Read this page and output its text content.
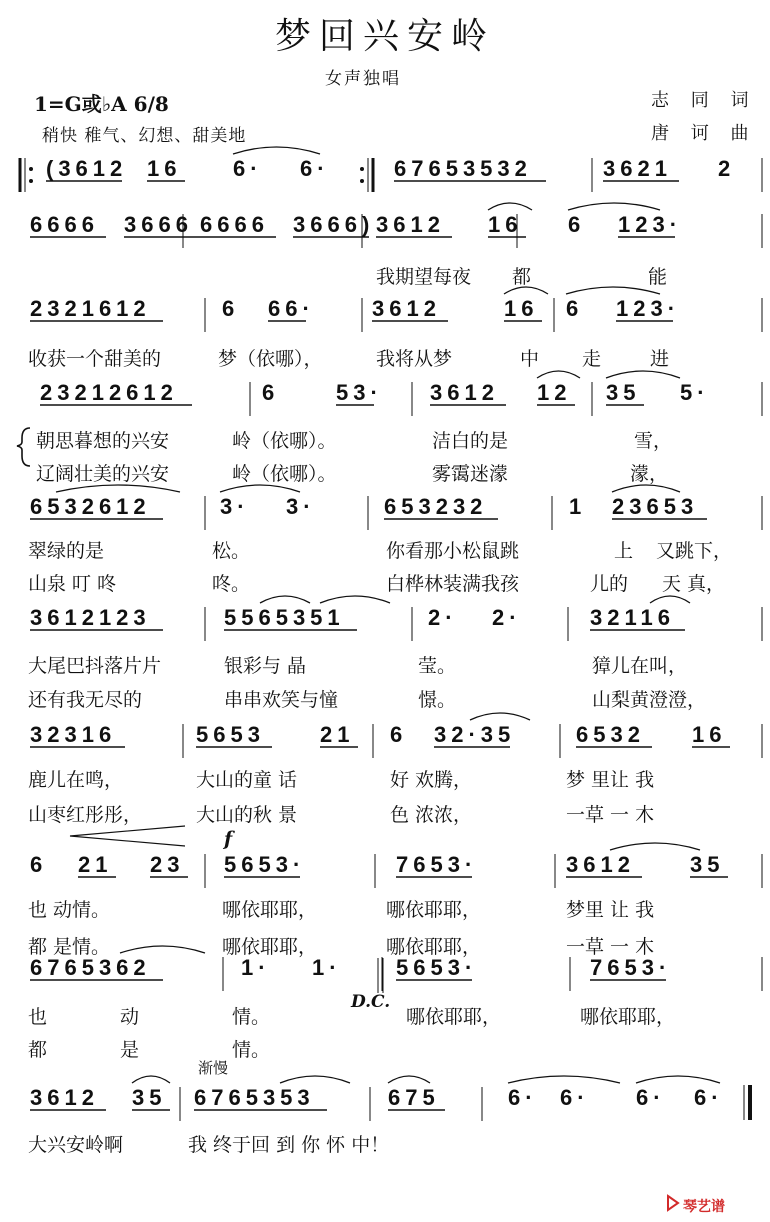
梦回兴安岭
女声独唱
1=G或♭A 6/8
稍快 稚气、幻想、甜美地
志 同 词
唐 诃 曲
D.C.
f
渐慢
(3612 16 6· 6·	67653532	3621 2
6666 3666 6666 3666) 3612 16 6 123·
2321612	6 66·	3612	16 6 123·
23212612	6	53· 3612 12 35 5·
6532612	3· 3·	653232	1 23653
3612123	5565351	2· 2·	32116
32316	5653	21 6 32·35	6532 16
6 21 23 5653·	7653·	3612	35
6765362	1· 1· 5653·	7653·
3612 35 6765353	675	6· 6· 6· 6·
我期望每夜 都	能
收获一个甜美的	梦（依哪），	我将从梦	中 走	进
朝思暮想的兴安	岭（依哪）。	洁白的是	雪，
辽阔壮美的兴安	岭（依哪）。	雾霭迷濛	濛，
翠绿的是	松。	你看那小松鼠跳	上 又跳下，
山泉 叮 咚	咚。	白桦林装满我孩	儿的 天 真，
大尾巴抖落片片	银彩与 晶	莹。	獐儿在叫，
还有我无尽的	串串欢笑与憧	憬。	山梨黄澄澄，
鹿儿在鸣，	大山的童 话	好 欢腾，	梦 里让 我
山枣红彤彤，	大山的秋 景	色 浓浓，	一草 一 木
也 动情。	哪依耶耶，	哪依耶耶，	梦里 让 我
都 是情。	哪依耶耶，	哪依耶耶，	一草 一 木
也	动	情。	哪依耶耶，	哪依耶耶，
都	是	情。
大兴安岭啊	我 终于回 到 你 怀 中！
琴艺谱
